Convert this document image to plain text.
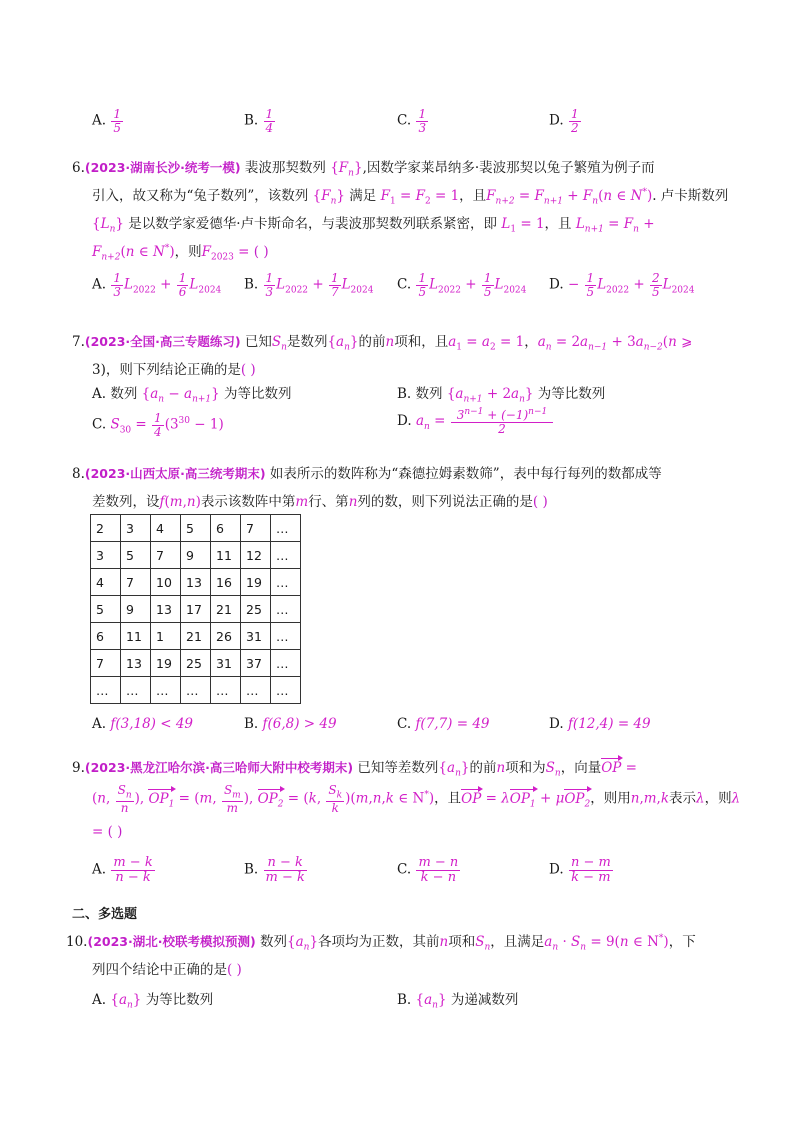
A. $\frac{1}{5}$	B. $\frac{1}{4}$	C. $\frac{1}{3}$	D. $\frac{1}{2}$
6.(2023·湖南长沙·统考一模) 裴波那契数列 $\{F_n\}$,因数学家莱昂纳多·裴波那契以兔子繁殖为例子而
引入，故又称为“兔子数列”，该数列 $\{F_n\}$ 满足 $F_1 = F_2 = 1$，且$F_{n+2} = F_{n+1} + F_n(n$ ∈ N*). 卢卡斯数列
$\{L_n\}$ 是以数学家爱德华·卢卡斯命名，与裴波那契数列联系紧密，即 $L_1 = 1$，且 $L_{n+1} = F_n$ +
$F_{n+2}(n$ ∈ N*)，则$F_{2023}$ = ( )
A. $\frac{1}{3} L_{2022} + \frac{1}{6} L_{2024}$ B. $\frac{1}{3} L_{2022} + \frac{1}{7} L_{2024}$ C. $\frac{1}{5} L_{2022} + \frac{1}{5} L_{2024}$ D. − $\frac{1}{5} L_{2022} + \frac{2}{5} L_{2024}$
7.(2023·全国·高三专题练习) 已知$S_n$是数列$\{a_n\}$的前n项和，且$a_1 = a_2 = 1$，$a_n = 2a_{n-1} + 3a_{n-2}(n$ ⩾
3)，则下列结论正确的是( )
A. 数列 $\{a_n - a_{n+1}\}$ 为等比数列	B. 数列 $\{a_{n+1} + 2a_n\}$ 为等比数列
C. $S_{30} = \frac{1}{4} (3^{30} - 1)$	D. $a_n = \frac{3^{n-1} + (-1)^{n-1}}{2}$
8.(2023·山西太原·高三统考期末) 如表所示的数阵称为“森德拉姆素数筛”，表中每行每列的数都成等
差数列，设f(m,n)表示该数阵中第m行、第n列的数，则下列说法正确的是( )
2	3	4	5	6	7	…
3	5	7	9	11	12	…
4	7	10	13	16	19	…
5	9	13	17	21	25	…
6	11	1	21	26	31	…
7	13	19	25	31	37	…
…	…	…	…	…	…	…
A. f(3,18) < 49	B. f(6,8) > 49	C. f(7,7) = 49	D. f(12,4) = 49
9.(2023·黑龙江哈尔滨·高三哈师大附中校考期末) 已知等差数列$\{a_n\}$的前n项和为$S_n$，向量OP =
(n, $\frac{S_n}{n}$ ), $OP_1 = (m$, $\frac{S_m}{m}$ ), $OP_2 = (k$, $\frac{S_k}{k} )(m,n,k$ ∈ N*)，且OP = λOP$_1$ + μOP$_2$，则用n,m,k表示λ，则λ
= ( )
A. $\frac{m - k}{n - k}$	B. $\frac{n - k}{m - k}$	C. $\frac{m - n}{k - n}$	D. $\frac{n - m}{k - m}$
二、多选题
10.(2023·湖北·校联考模拟预测) 数列$\{a_n\}$各项均为正数，其前n项和$S_n$，且满足$a_n \cdot S_n = 9(n$ ∈ N*)，下
列四个结论中正确的是( )
A. $\{a_n\}$ 为等比数列	B. $\{a_n\}$ 为递减数列
